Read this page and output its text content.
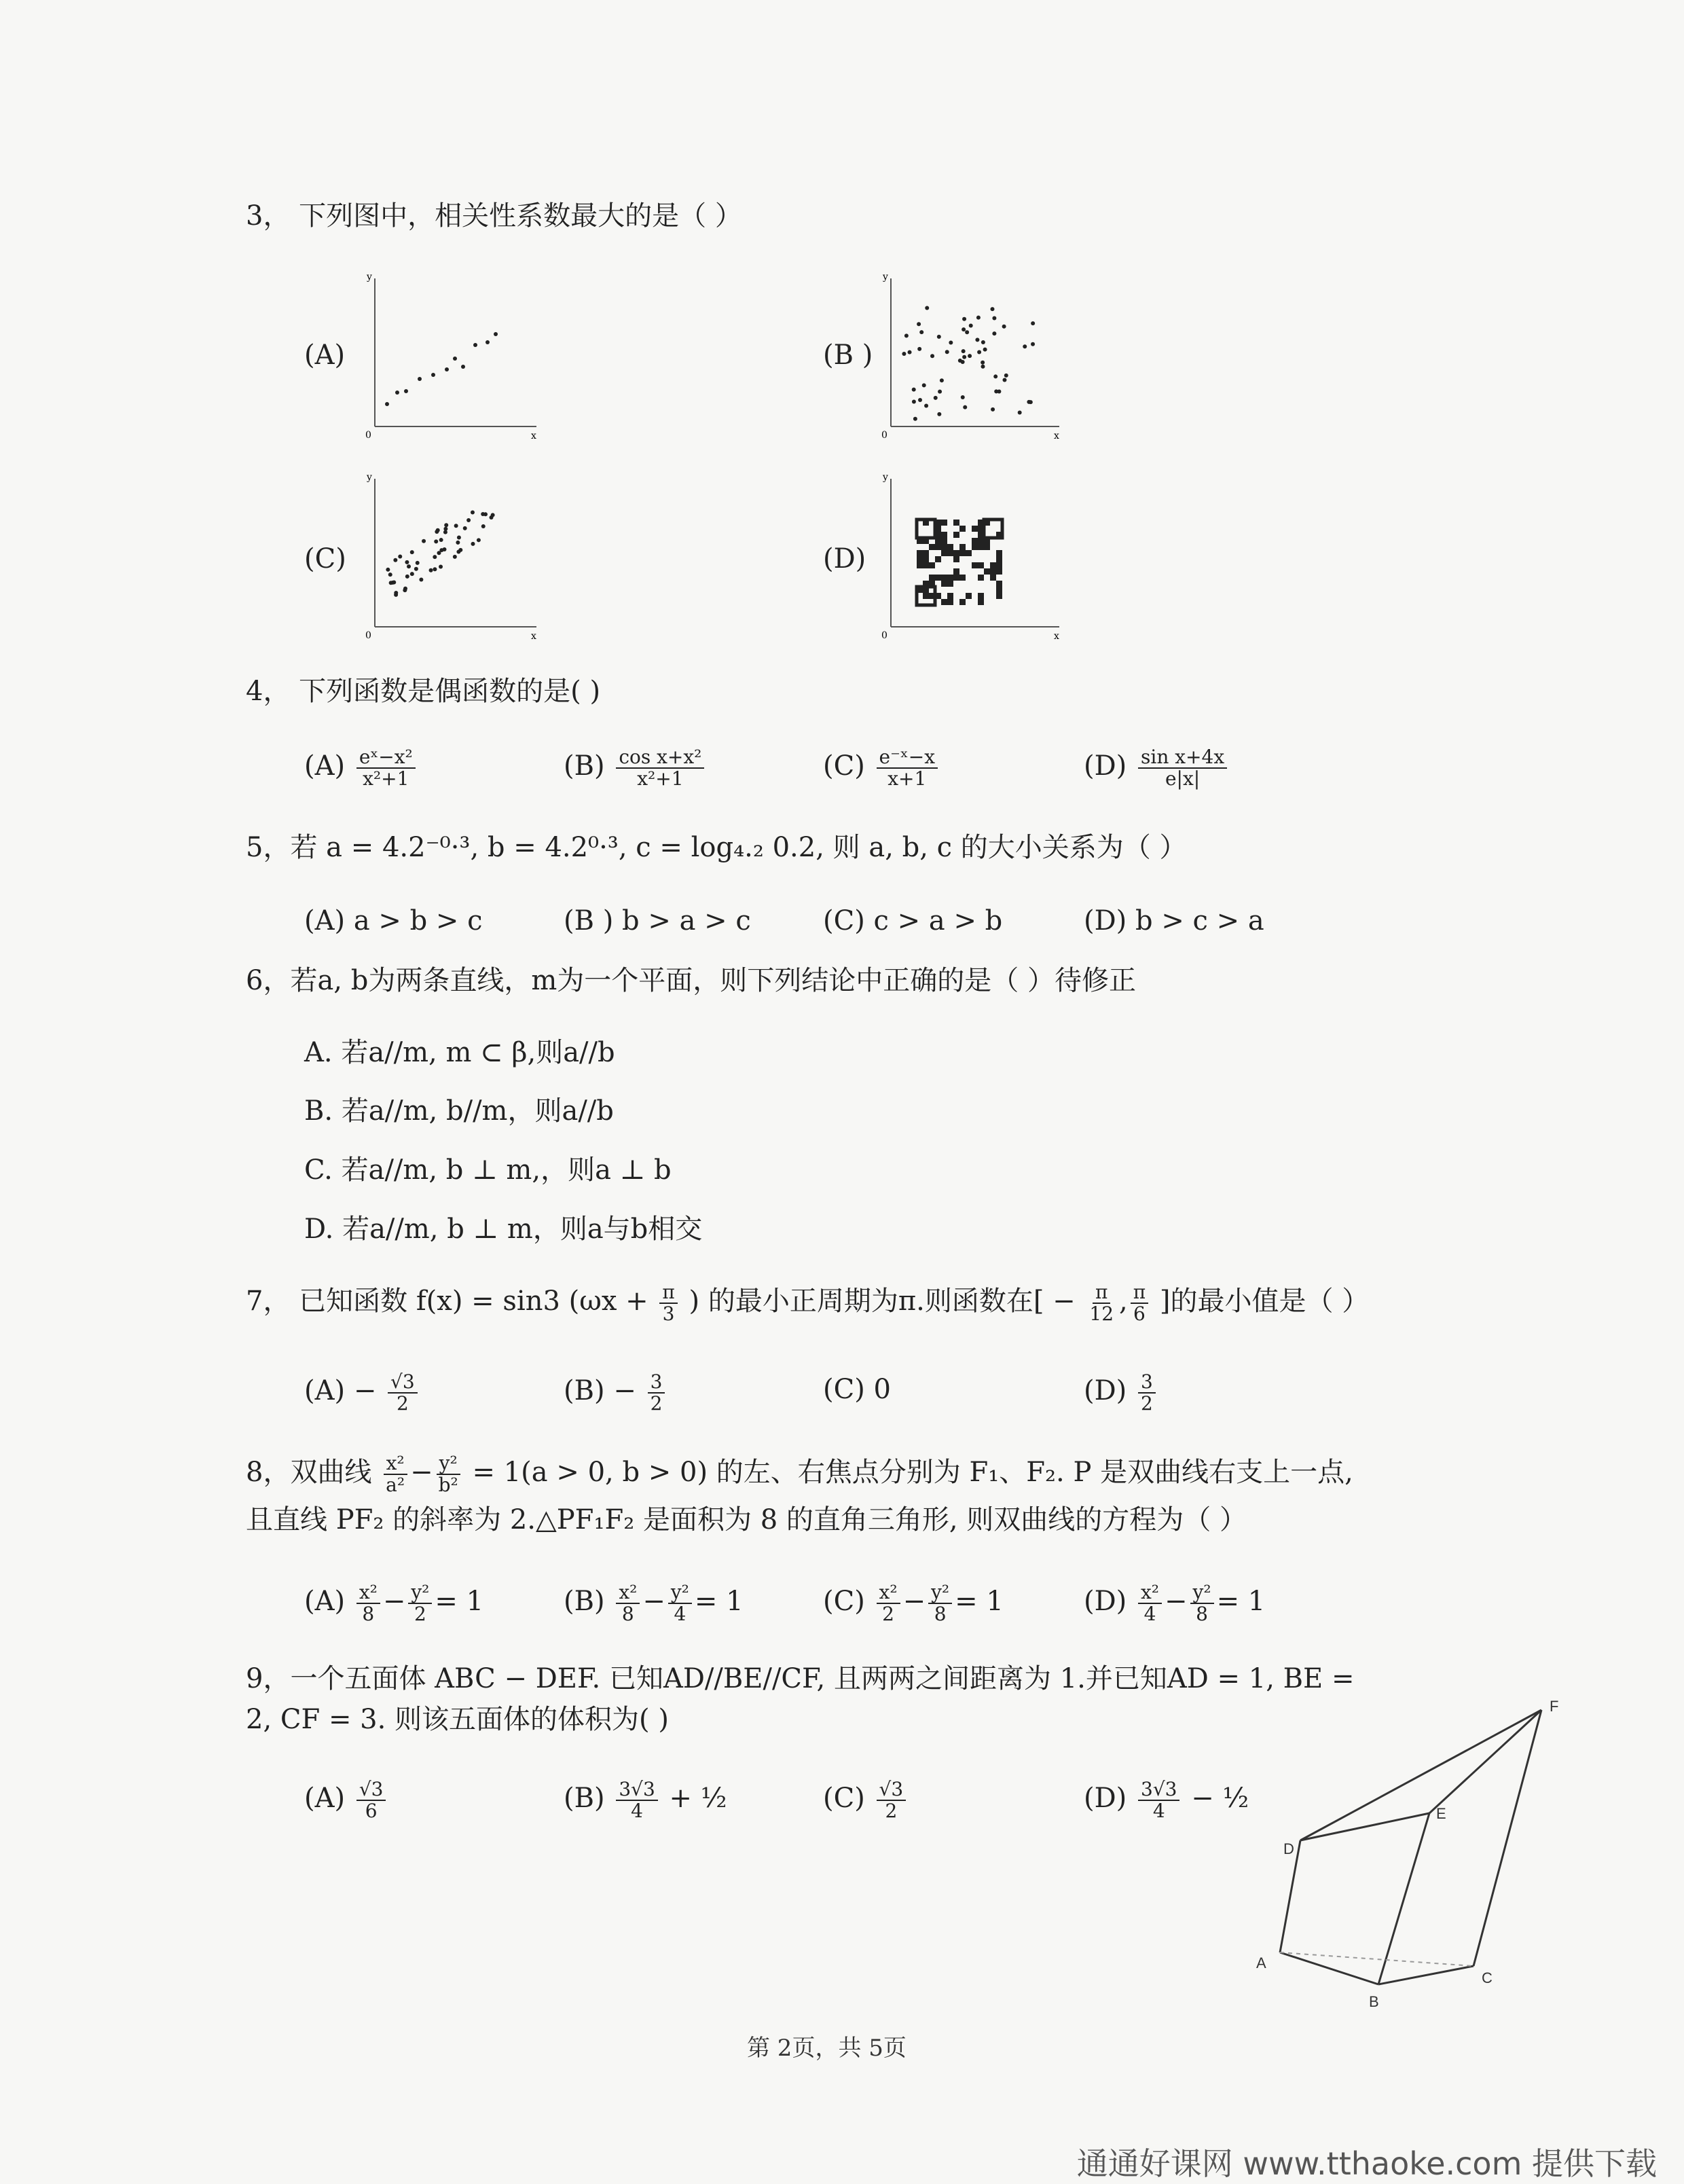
3， 下列图中，相关性系数最大的是（ ）
(A)	(B )
(C)	(D)
0	x
y
0	x
y
0	x
y
0	x
y
4， 下列函数是偶函数的是( )
$(A) \frac{\text{eˣ−x²}}{\text{x²+1}}$	$(B) \frac{\text{cos x+x²}}{\text{x²+1}}$	$(C) \frac{\text{e⁻ˣ−x}}{x+1}$	$(D) \frac{\text{sin x+4x}}{e|x|}$
5，若 a = 4.2⁻⁰·³, b = 4.2⁰·³, c = log₄.₂ 0.2, 则 a, b, c 的大小关系为（ ）
(A) a > b > c	(B ) b > a > c	(C) c > a > b	(D) b > c > a
6，若a, b为两条直线，m为一个平面，则下列结论中正确的是（ ）待修正
A. 若a//m, m ⊂ β,则a//b
B. 若a//m, b//m，则a//b
C. 若a//m, b ⊥ m,，则a ⊥ b
D. 若a//m, b ⊥ m，则a与b相交
7， 已知函数 f(x) = sin3 ($\omega x + \frac{\pi}{3}$ ) 的最小正周期为π.则函数在[ − $\frac{\pi}{12}$ , $\frac{\pi}{6}$ ]的最小值是（ ）
$(A) - \frac{√3}{2}$	$(B) - \frac{3}{2}$	(C) 0	$(D) \frac{3}{2}$
8，双曲线 $\frac{\text{x²}}{\text{a²}} - \frac{\text{y²}}{\text{b²}} = 1(a > 0$, b > 0) 的左、右焦点分别为 F₁、F₂. P 是双曲线右支上一点,
且直线 PF₂ 的斜率为 2.△PF₁F₂ 是面积为 8 的直角三角形, 则双曲线的方程为（ ）
$(A) \frac{\text{x²}}{8} - \frac{\text{y²}}{2} = 1$	$(B) \frac{\text{x²}}{8} - \frac{\text{y²}}{4} = 1$	$(C) \frac{\text{x²}}{2} - \frac{\text{y²}}{8} = 1$	$(D) \frac{\text{x²}}{4} - \frac{\text{y²}}{8} = 1$
9，一个五面体 ABC − DEF. 已知AD//BE//CF, 且两两之间距离为 1.并已知AD = 1, BE =
2, CF = 3. 则该五面体的体积为( )
$(A) \frac{√3}{6}$	$(B) \frac{3√3}{4}$ + ½	$(C) \frac{√3}{2}$	$(D) \frac{3√3}{4}$ − ½
F
E
D
A
B
C
第 2页，共 5页
通通好课网 www.tthaoke.com 提供下载
